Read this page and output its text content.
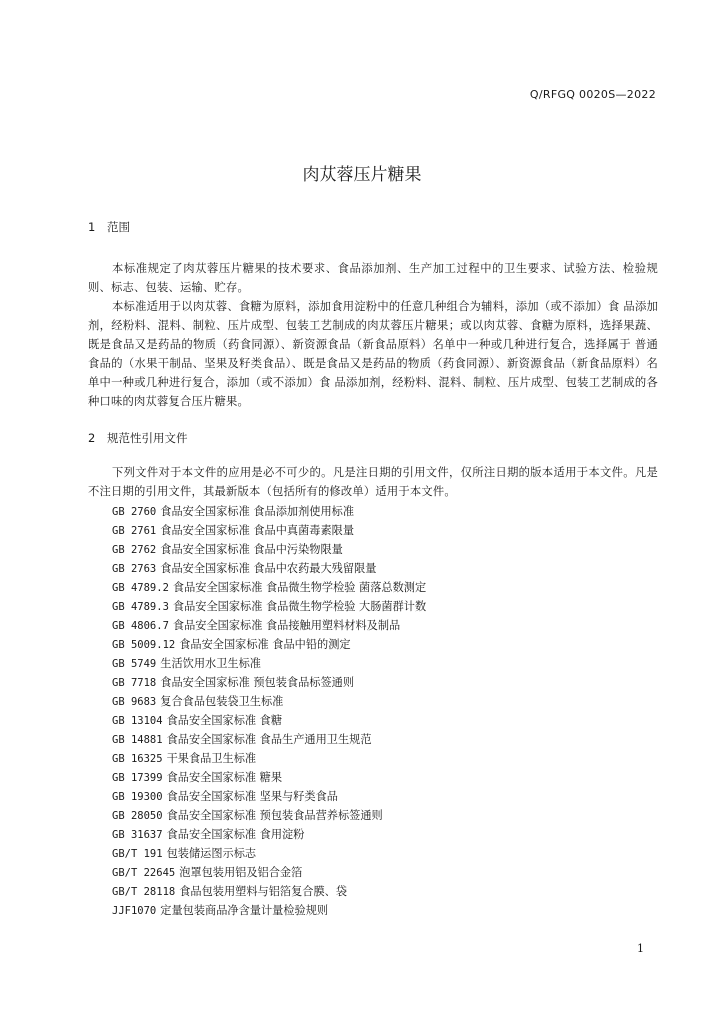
Q/RFGQ 0020S—2022
肉苁蓉压片糖果
1 范围

本标准规定了肉苁蓉压片糖果的技术要求、食品添加剂、生产加工过程中的卫生要求、试验方法、检验规则、标志、包装、运输、贮存。

本标准适用于以肉苁蓉、食糖为原料，添加食用淀粉中的任意几种组合为辅料，添加（或不添加）食 品添加剂，经粉料、混料、制粒、压片成型、包装工艺制成的肉苁蓉压片糖果；或以肉苁蓉、食糖为原料，选择果蔬、既是食品又是药品的物质（药食同源）、新资源食品（新食品原料）名单中一种或几种进行复合，选择属于 普通食品的（水果干制品、坚果及籽类食品）、既是食品又是药品的物质（药食同源）、新资源食品（新食品原料）名单中一种或几种进行复合，添加（或不添加）食 品添加剂，经粉料、混料、制粒、压片成型、包装工艺制成的各种口味的肉苁蓉复合压片糖果。

2 规范性引用文件

下列文件对于本文件的应用是必不可少的。凡是注日期的引用文件，仅所注日期的版本适用于本文件。凡是不注日期的引用文件，其最新版本（包括所有的修改单）适用于本文件。

GB 2760 食品安全国家标准 食品添加剂使用标准
GB 2761 食品安全国家标准 食品中真菌毒素限量
GB 2762 食品安全国家标准 食品中污染物限量
GB 2763 食品安全国家标准 食品中农药最大残留限量
GB 4789.2 食品安全国家标准 食品微生物学检验 菌落总数测定
GB 4789.3 食品安全国家标准 食品微生物学检验 大肠菌群计数
GB 4806.7 食品安全国家标准 食品接触用塑料材料及制品
GB 5009.12 食品安全国家标准 食品中铅的测定
GB 5749 生活饮用水卫生标准
GB 7718 食品安全国家标准 预包装食品标签通则
GB 9683 复合食品包装袋卫生标准
GB 13104 食品安全国家标准 食糖
GB 14881 食品安全国家标准 食品生产通用卫生规范
GB 16325 干果食品卫生标准
GB 17399 食品安全国家标准 糖果
GB 19300 食品安全国家标准 坚果与籽类食品
GB 28050 食品安全国家标准 预包装食品营养标签通则
GB 31637 食品安全国家标准 食用淀粉
GB/T 191 包装储运图示标志
GB/T 22645 泡罩包装用铝及铝合金箔
GB/T 28118 食品包装用塑料与铝箔复合膜、袋
JJF1070 定量包装商品净含量计量检验规则
1
